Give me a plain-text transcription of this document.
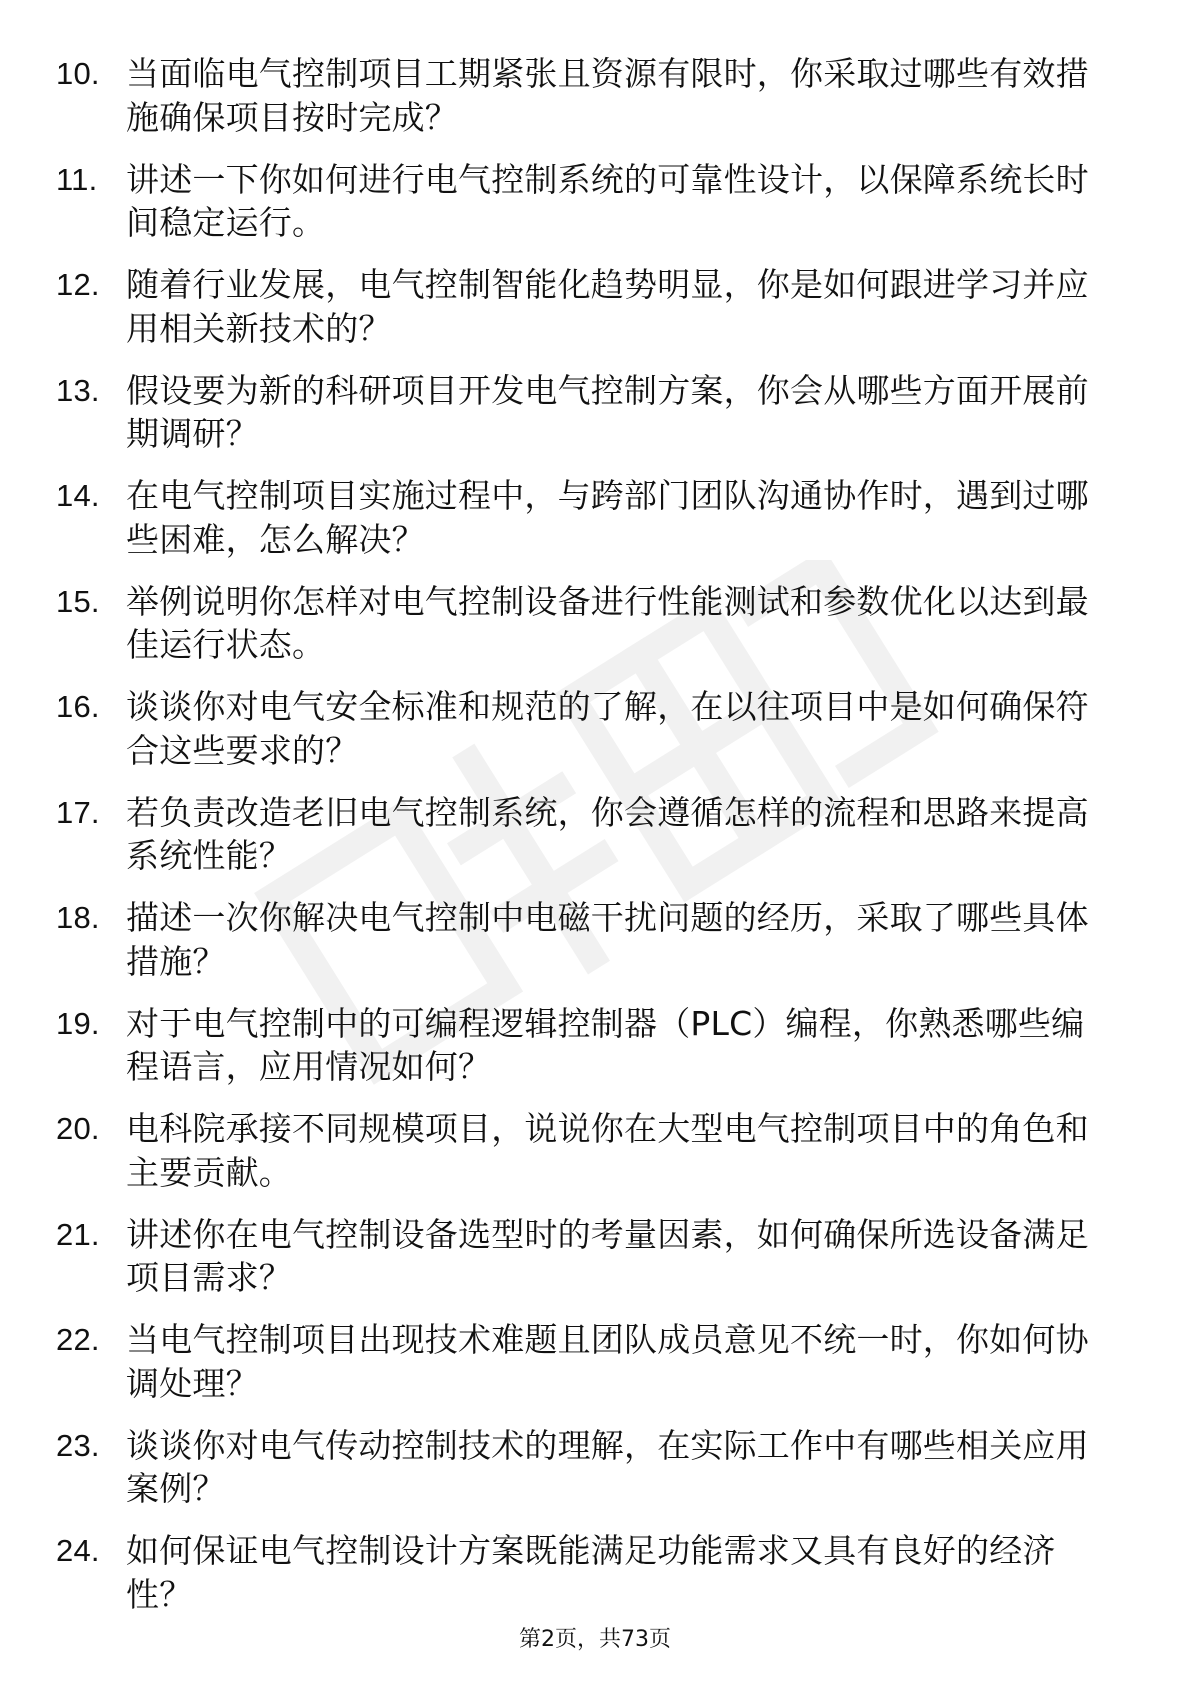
10. 当面临电气控制项目工期紧张且资源有限时，你采取过哪些有效措施确保项目按时完成？
11. 讲述一下你如何进行电气控制系统的可靠性设计，以保障系统长时间稳定运行。
12. 随着行业发展，电气控制智能化趋势明显，你是如何跟进学习并应用相关新技术的？
13. 假设要为新的科研项目开发电气控制方案，你会从哪些方面开展前期调研？
14. 在电气控制项目实施过程中，与跨部门团队沟通协作时，遇到过哪些困难，怎么解决？
15. 举例说明你怎样对电气控制设备进行性能测试和参数优化以达到最佳运行状态。
16. 谈谈你对电气安全标准和规范的了解，在以往项目中是如何确保符合这些要求的？
17. 若负责改造老旧电气控制系统，你会遵循怎样的流程和思路来提高系统性能？
18. 描述一次你解决电气控制中电磁干扰问题的经历，采取了哪些具体措施？
19. 对于电气控制中的可编程逻辑控制器（PLC）编程，你熟悉哪些编程语言，应用情况如何？
20. 电科院承接不同规模项目，说说你在大型电气控制项目中的角色和主要贡献。
21. 讲述你在电气控制设备选型时的考量因素，如何确保所选设备满足项目需求？
22. 当电气控制项目出现技术难题且团队成员意见不统一时，你如何协调处理？
23. 谈谈你对电气传动控制技术的理解，在实际工作中有哪些相关应用案例？
24. 如何保证电气控制设计方案既能满足功能需求又具有良好的经济性？
第2页，共73页
